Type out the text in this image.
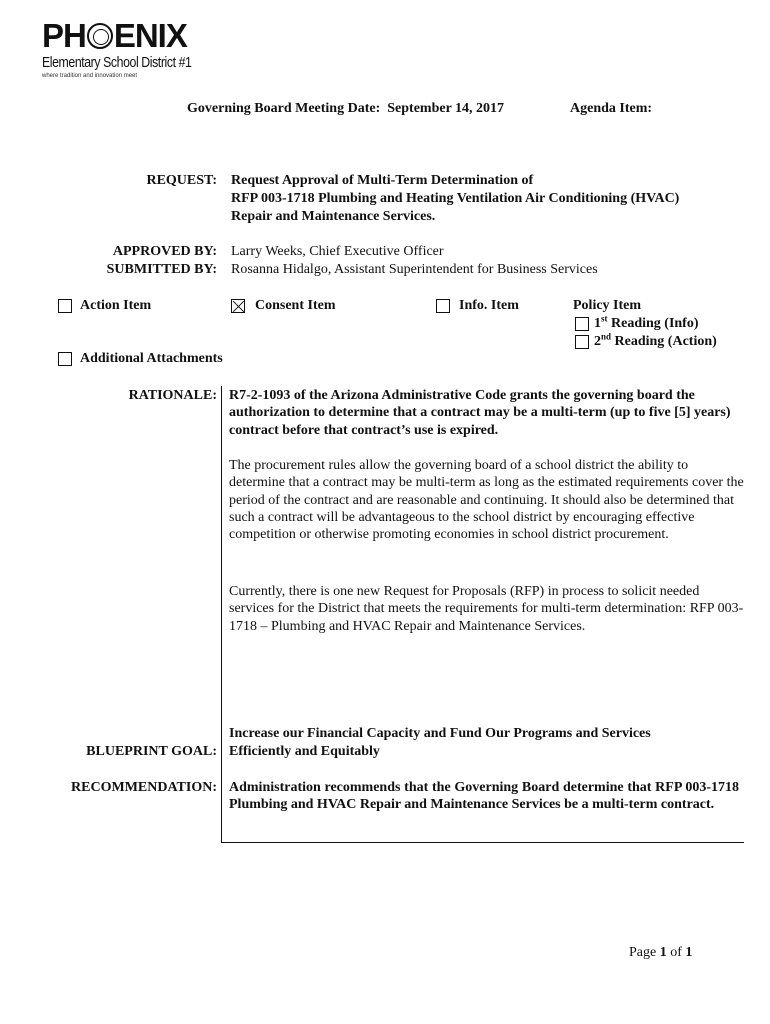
PH ENIX
Elementary School District #1
where tradition and innovation meet
Governing Board Meeting Date: September 14, 2017	Agenda Item:
REQUEST: Request Approval of Multi-Term Determination of
RFP 003-1718 Plumbing and Heating Ventilation Air Conditioning (HVAC)
Repair and Maintenance Services.
APPROVED BY: Larry Weeks, Chief Executive Officer
SUBMITTED BY: Rosanna Hidalgo, Assistant Superintendent for Business Services
Action Item	Consent Item	Info. Item	Policy Item
1st Reading (Info)
2nd Reading (Action)
Additional Attachments
RATIONALE: R7-2-1093 of the Arizona Administrative Code grants the governing board the authorization to determine that a contract may be a multi-term (up to five [5] years) contract before that contract’s use is expired.
The procurement rules allow the governing board of a school district the ability to determine that a contract may be multi-term as long as the estimated requirements cover the period of the contract and are reasonable and continuing. It should also be determined that such a contract will be advantageous to the school district by encouraging effective competition or otherwise promoting economies in school district procurement.
Currently, there is one new Request for Proposals (RFP) in process to solicit needed services for the District that meets the requirements for multi-term determination: RFP 003-1718 – Plumbing and HVAC Repair and Maintenance Services.
Increase our Financial Capacity and Fund Our Programs and Services
BLUEPRINT GOAL: Efficiently and Equitably
RECOMMENDATION: Administration recommends that the Governing Board determine that RFP 003-1718 Plumbing and HVAC Repair and Maintenance Services be a multi-term contract.
Page 1 of 1
